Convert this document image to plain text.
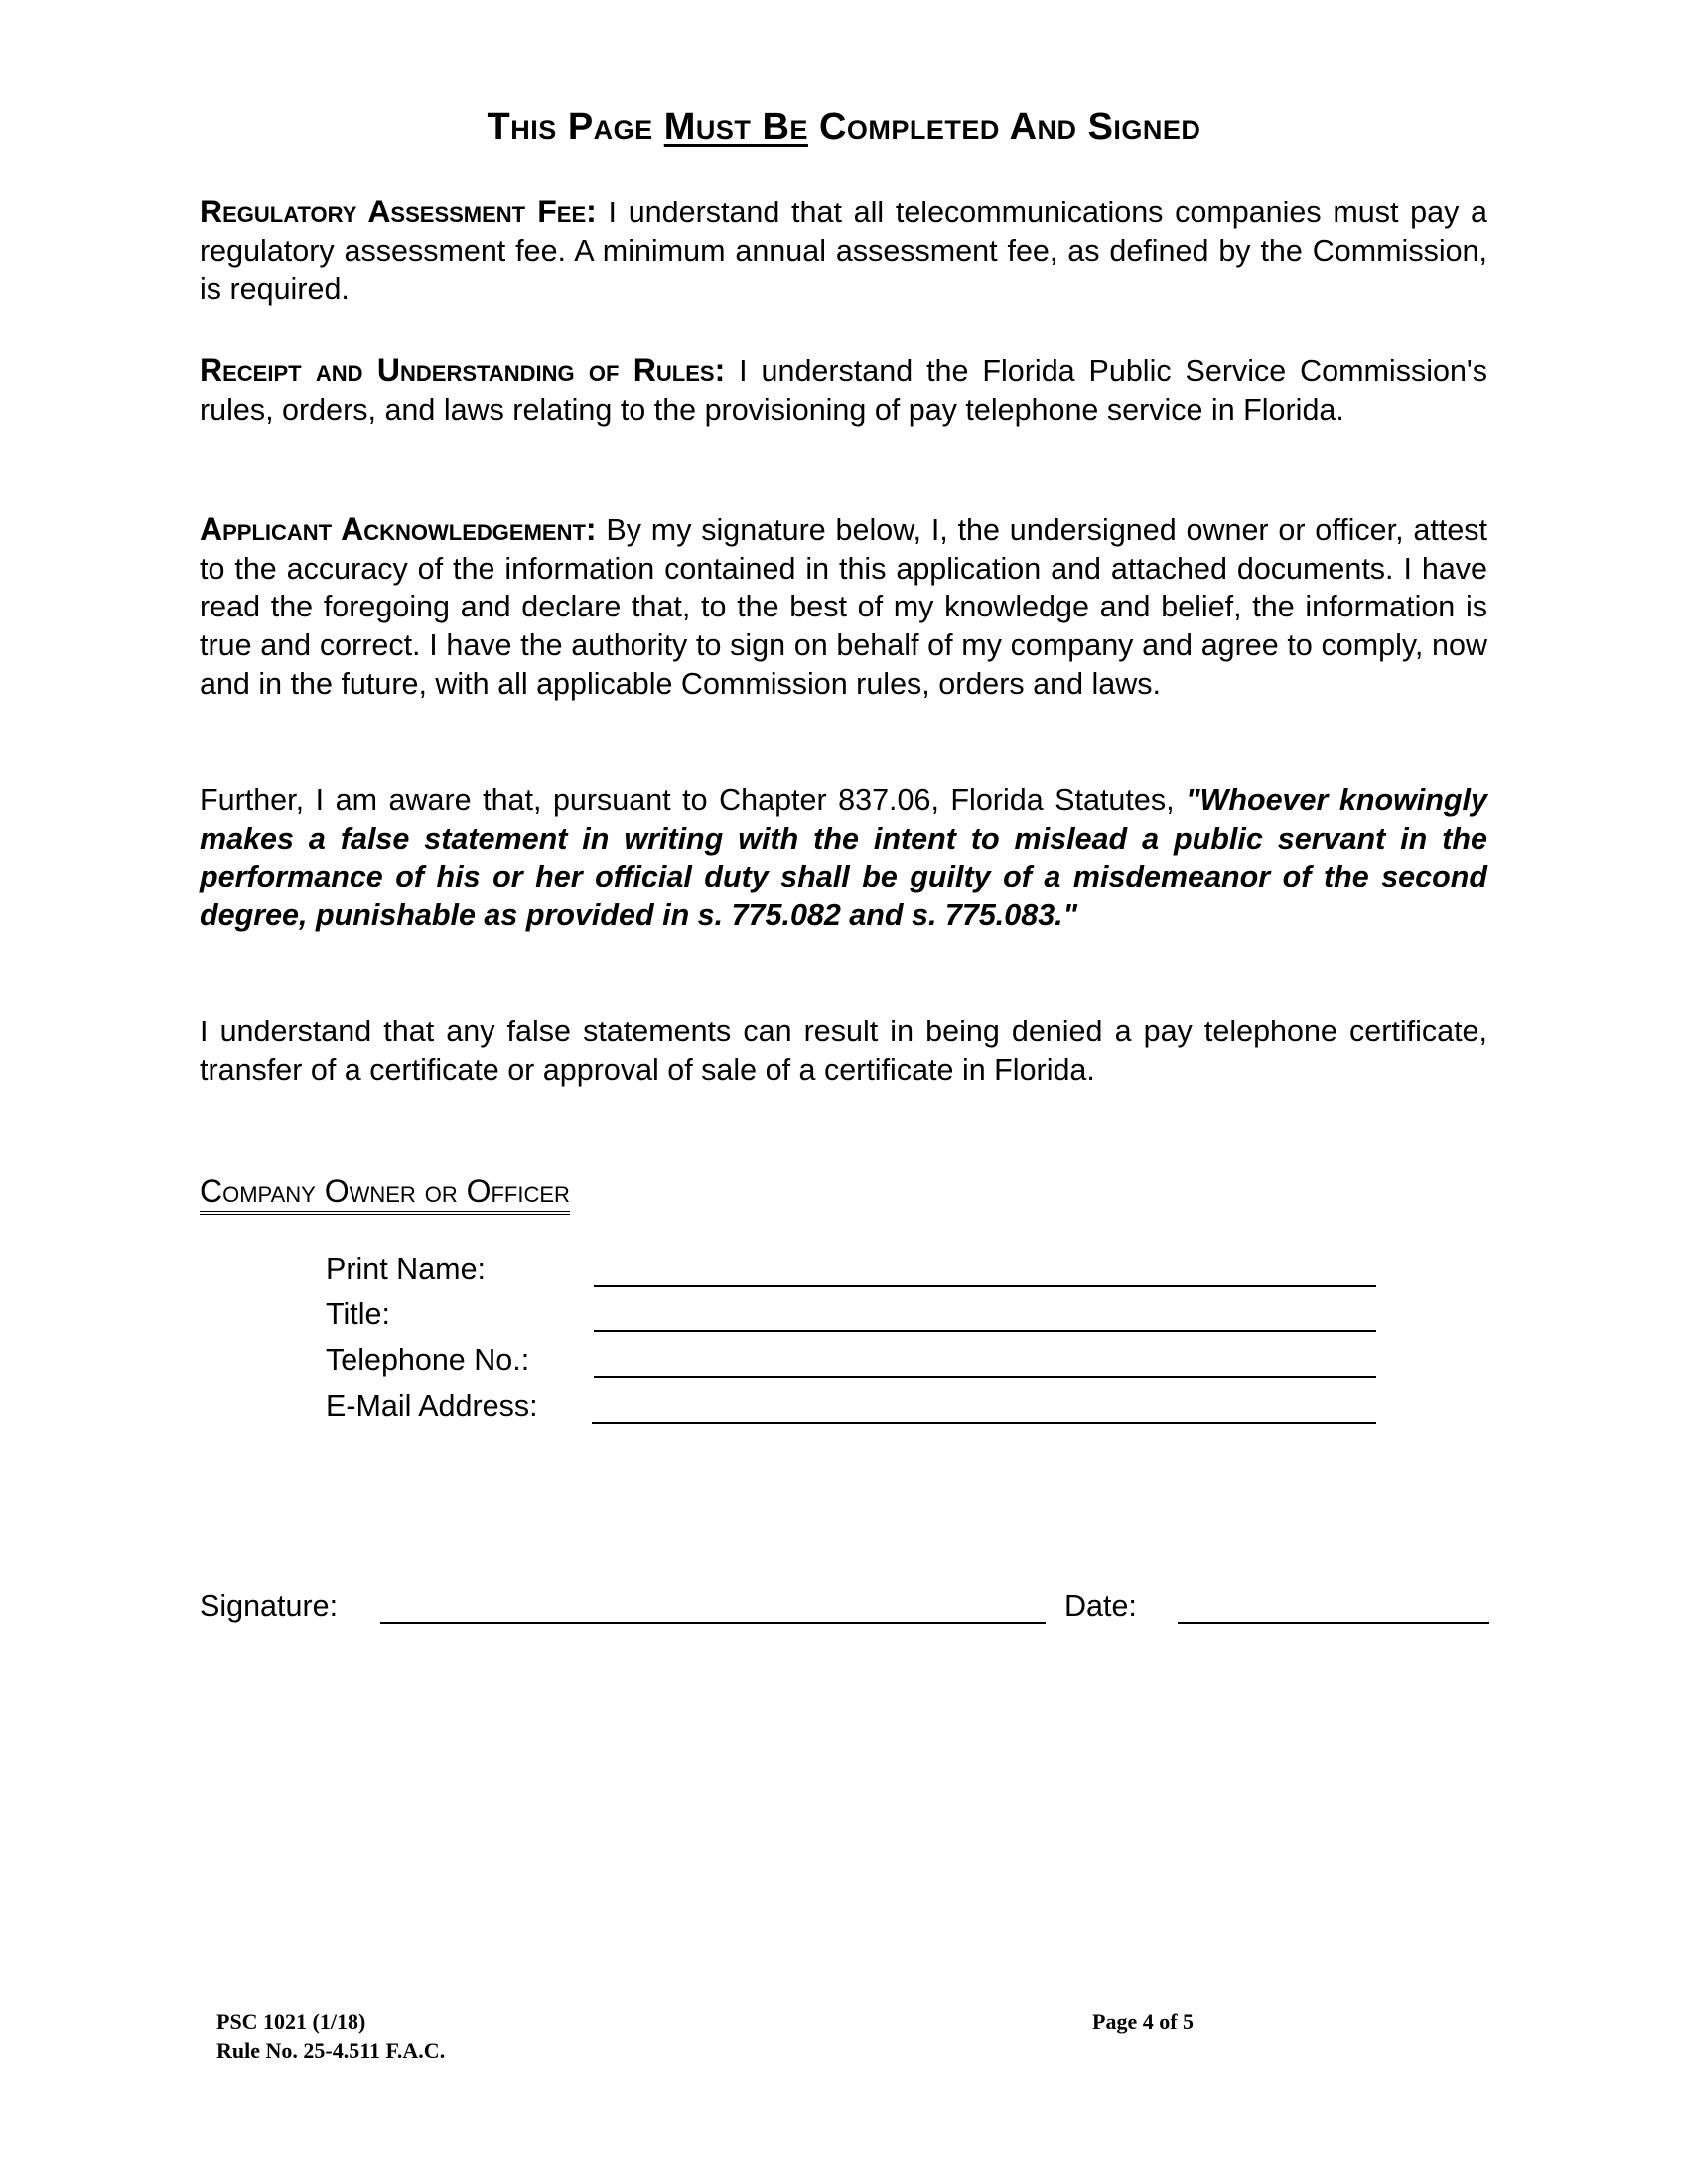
This Page Must Be Completed And Signed
Regulatory Assessment Fee: I understand that all telecommunications companies must pay a regulatory assessment fee. A minimum annual assessment fee, as defined by the Commission, is required.
Receipt and Understanding of Rules: I understand the Florida Public Service Commission's rules, orders, and laws relating to the provisioning of pay telephone service in Florida.
Applicant Acknowledgement: By my signature below, I, the undersigned owner or officer, attest to the accuracy of the information contained in this application and attached documents. I have read the foregoing and declare that, to the best of my knowledge and belief, the information is true and correct. I have the authority to sign on behalf of my company and agree to comply, now and in the future, with all applicable Commission rules, orders and laws.
Further, I am aware that, pursuant to Chapter 837.06, Florida Statutes, "Whoever knowingly makes a false statement in writing with the intent to mislead a public servant in the performance of his or her official duty shall be guilty of a misdemeanor of the second degree, punishable as provided in s. 775.082 and s. 775.083."
I understand that any false statements can result in being denied a pay telephone certificate, transfer of a certificate or approval of sale of a certificate in Florida.
Company Owner or Officer
Print Name:
Title:
Telephone No.:
E-Mail Address:
Signature:	Date:
PSC 1021 (1/18)
Rule No. 25-4.511 F.A.C.
Page 4 of 5
